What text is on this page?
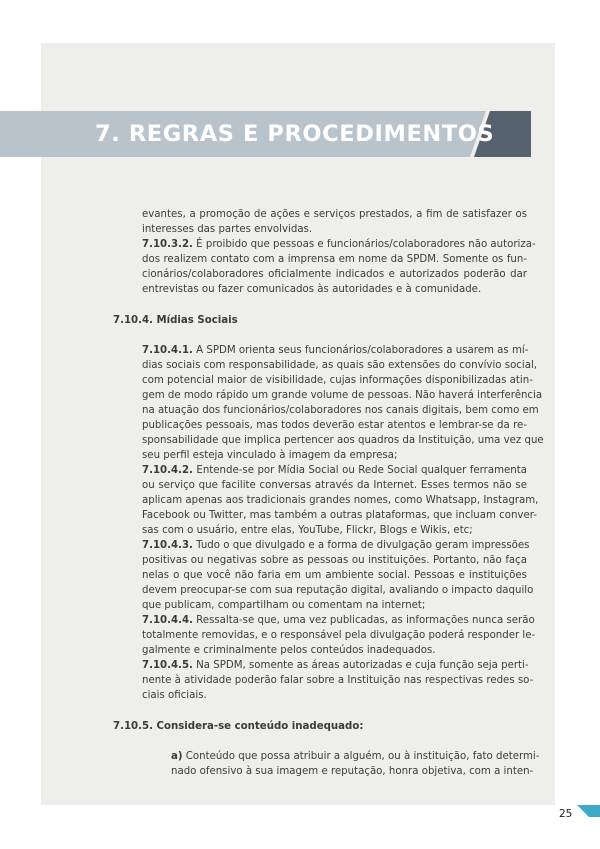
7. REGRAS E PROCEDIMENTOS
evantes, a promoção de ações e serviços prestados, a fim de satisfazer os
interesses das partes envolvidas.
7.10.3.2. É proibido que pessoas e funcionários/colaboradores não autoriza-
dos realizem contato com a imprensa em nome da SPDM. Somente os fun-
cionários/colaboradores oficialmente indicados e autorizados poderão dar
entrevistas ou fazer comunicados às autoridades e à comunidade.
7.10.4. Mídias Sociais
7.10.4.1. A SPDM orienta seus funcionários/colaboradores a usarem as mí-
dias sociais com responsabilidade, as quais são extensões do convívio social,
com potencial maior de visibilidade, cujas informações disponibilizadas atin-
gem de modo rápido um grande volume de pessoas. Não haverá interferência
na atuação dos funcionários/colaboradores nos canais digitais, bem como em
publicações pessoais, mas todos deverão estar atentos e lembrar-se da re-
sponsabilidade que implica pertencer aos quadros da Instituição, uma vez que
seu perfil esteja vinculado à imagem da empresa;
7.10.4.2. Entende-se por Mídia Social ou Rede Social qualquer ferramenta
ou serviço que facilite conversas através da Internet. Esses termos não se
aplicam apenas aos tradicionais grandes nomes, como Whatsapp, Instagram,
Facebook ou Twitter, mas também a outras plataformas, que incluam conver-
sas com o usuário, entre elas, YouTube, Flickr, Blogs e Wikis, etc;
7.10.4.3. Tudo o que divulgado e a forma de divulgação geram impressões
positivas ou negativas sobre as pessoas ou instituições. Portanto, não faça
nelas o que você não faria em um ambiente social. Pessoas e instituições
devem preocupar-se com sua reputação digital, avaliando o impacto daquilo
que publicam, compartilham ou comentam na internet;
7.10.4.4. Ressalta-se que, uma vez publicadas, as informações nunca serão
totalmente removidas, e o responsável pela divulgação poderá responder le-
galmente e criminalmente pelos conteúdos inadequados.
7.10.4.5. Na SPDM, somente as áreas autorizadas e cuja função seja perti-
nente à atividade poderão falar sobre a Instituição nas respectivas redes so-
ciais oficiais.
7.10.5. Considera-se conteúdo inadequado:
a) Conteúdo que possa atribuir a alguém, ou à instituição, fato determi-
nado ofensivo à sua imagem e reputação, honra objetiva, com a inten-
25
